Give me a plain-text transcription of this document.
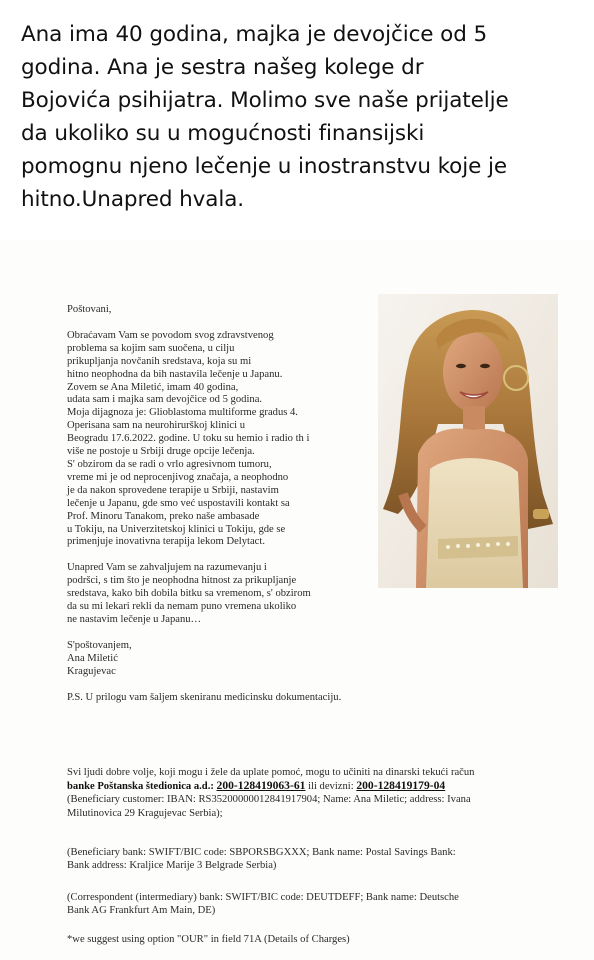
Ana ima 40 godina, majka je devojčice od 5
godina. Ana je sestra našeg kolege dr
Bojovića psihijatra. Molimo sve naše prijatelje
da ukoliko su u mogućnosti finansijski
pomognu njeno lečenje u inostranstvu koje je
hitno.Unapred hvala.
Poštovani,
Obraćavam Vam se povodom svog zdravstvenog
problema sa kojim sam suočena, u cilju
prikupljanja novčanih sredstava, koja su mi
hitno neophodna da bih nastavila lečenje u Japanu.
Zovem se Ana Miletić, imam 40 godina,
udata sam i majka sam devojčice od 5 godina.
Moja dijagnoza je: Glioblastoma multiforme gradus 4.
Operisana sam na neurohirurškoj klinici u
Beogradu 17.6.2022. godine. U toku su hemio i radio th i
više ne postoje u Srbiji druge opcije lečenja.
S' obzirom da se radi o vrlo agresivnom tumoru,
vreme mi je od neprocenjivog značaja, a neophodno
je da nakon sprovedene terapije u Srbiji, nastavim
lečenje u Japanu, gde smo već uspostavili kontakt sa
Prof. Minoru Tanakom, preko naše ambasade
u Tokiju, na Univerzitetskoj klinici u Tokiju, gde se
primenjuje inovativna terapija lekom Delytact.
Unapred Vam se zahvaljujem na razumevanju i
podršci, s tim što je neophodna hitnost za prikupljanje
sredstava, kako bih dobila bitku sa vremenom, s' obzirom
da su mi lekari rekli da nemam puno vremena ukoliko
ne nastavim lečenje u Japanu…
S'poštovanjem,
Ana Miletić
Kragujevac
P.S. U prilogu vam šaljem skeniranu medicinsku dokumentaciju.
Svi ljudi dobre volje, koji mogu i žele da uplate pomoć, mogu to učiniti na dinarski tekući račun
banke Poštanska štedionica a.d.: 200-128419063-61 ili devizni: 200-128419179-04
(Beneficiary customer: IBAN: RS35200000012841917904; Name: Ana Miletic; address: Ivana
Milutinovica 29 Kragujevac Serbia);
(Beneficiary bank: SWIFT/BIC code: SBPORSBGXXX; Bank name: Postal Savings Bank:
Bank address: Kraljice Marije 3 Belgrade Serbia)
(Correspondent (intermediary) bank: SWIFT/BIC code: DEUTDEFF; Bank name: Deutsche
Bank AG Frankfurt Am Main, DE)
*we suggest using option "OUR" in field 71A (Details of Charges)
